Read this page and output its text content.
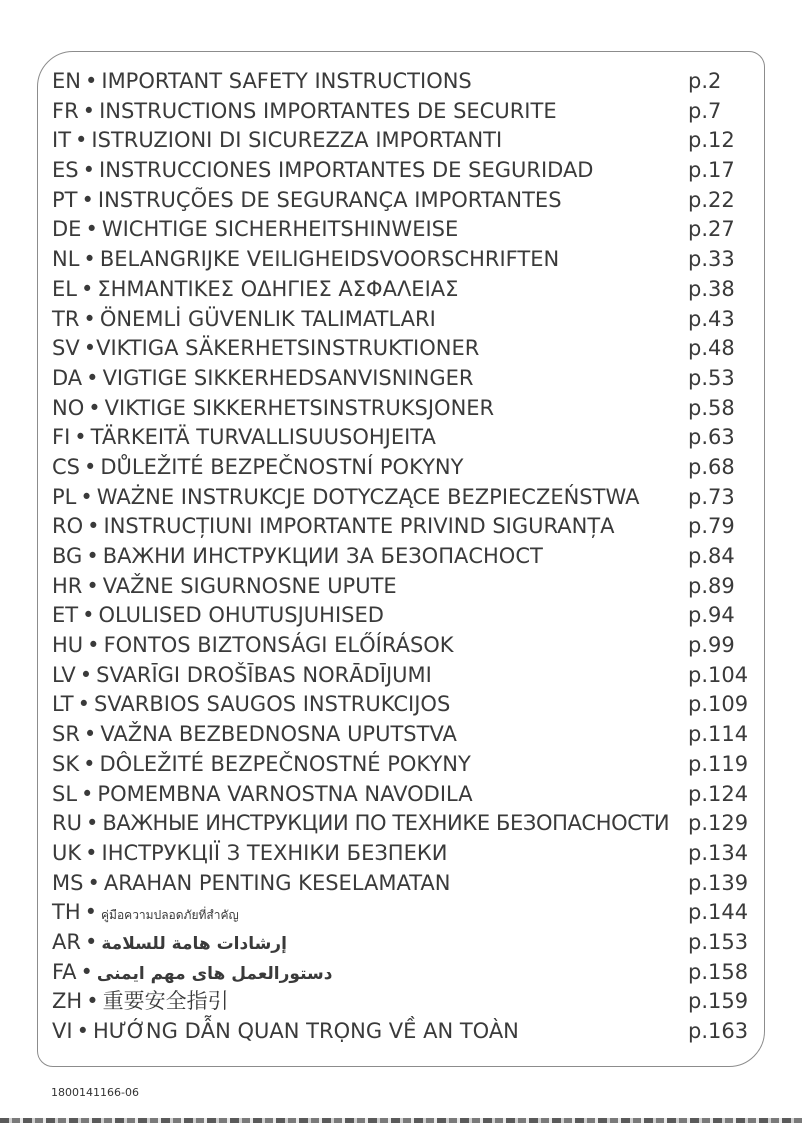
EN • IMPORTANT SAFETY INSTRUCTIONS	p.2
FR • INSTRUCTIONS IMPORTANTES DE SECURITE	p.7
IT • ISTRUZIONI DI SICUREZZA IMPORTANTI	p.12
ES • INSTRUCCIONES IMPORTANTES DE SEGURIDAD	p.17
PT • INSTRUÇÕES DE SEGURANÇA IMPORTANTES	p.22
DE • WICHTIGE SICHERHEITSHINWEISE	p.27
NL • BELANGRIJKE VEILIGHEIDSVOORSCHRIFTEN	p.33
EL • ΣΗΜΑΝΤΙΚΕΣ ΟΔΗΓΙΕΣ ΑΣΦΑΛΕΙΑΣ	p.38
TR • ÖNEMLİ GÜVENLIK TALIMATLARI	p.43
SV •VIKTIGA SÄKERHETSINSTRUKTIONER	p.48
DA • VIGTIGE SIKKERHEDSANVISNINGER	p.53
NO • VIKTIGE SIKKERHETSINSTRUKSJONER	p.58
FI • TÄRKEITÄ TURVALLISUUSOHJEITA	p.63
CS • DŮLEŽITÉ BEZPEČNOSTNÍ POKYNY	p.68
PL • WAŻNE INSTRUKCJE DOTYCZĄCE BEZPIECZEŃSTWA p.73
RO • INSTRUCȚIUNI IMPORTANTE PRIVIND SIGURANȚA	p.79
BG • ВАЖНИ ИНСТРУКЦИИ ЗА БЕЗОПАСНОСТ	p.84
HR • VAŽNE SIGURNOSNE UPUTE	p.89
ET • OLULISED OHUTUSJUHISED	p.94
HU • FONTOS BIZTONSÁGI ELŐÍRÁSOK	p.99
LV • SVARĪGI DROŠĪBAS NORĀDĪJUMI	p.104
LT • SVARBIOS SAUGOS INSTRUKCIJOS	p.109
SR • VAŽNA BEZBEDNOSNA UPUTSTVA	p.114
SK • DÔLEŽITÉ BEZPEČNOSTNÉ POKYNY	p.119
SL • POMEMBNA VARNOSTNA NAVODILA	p.124
RU • ВАЖНЫЕ ИНСТРУКЦИИ ПО ТЕХНИКЕ БЕЗОПАСНОСТИ p.129
UK • ІНСТРУКЦІЇ З ТЕХНІКИ БЕЗПЕКИ	p.134
MS • ARAHAN PENTING KESELAMATAN	p.139
TH • คู่มือความปลอดภัยที่สำคัญ	p.144
AR • إرشادات هامة للسلامة	p.153
FA • دستورالعمل های مهم ایمنی	p.158
ZH • 重要安全指引	p.159
VI • HƯỚNG DẪN QUAN TRỌNG VỀ AN TOÀN	p.163
1800141166-06
